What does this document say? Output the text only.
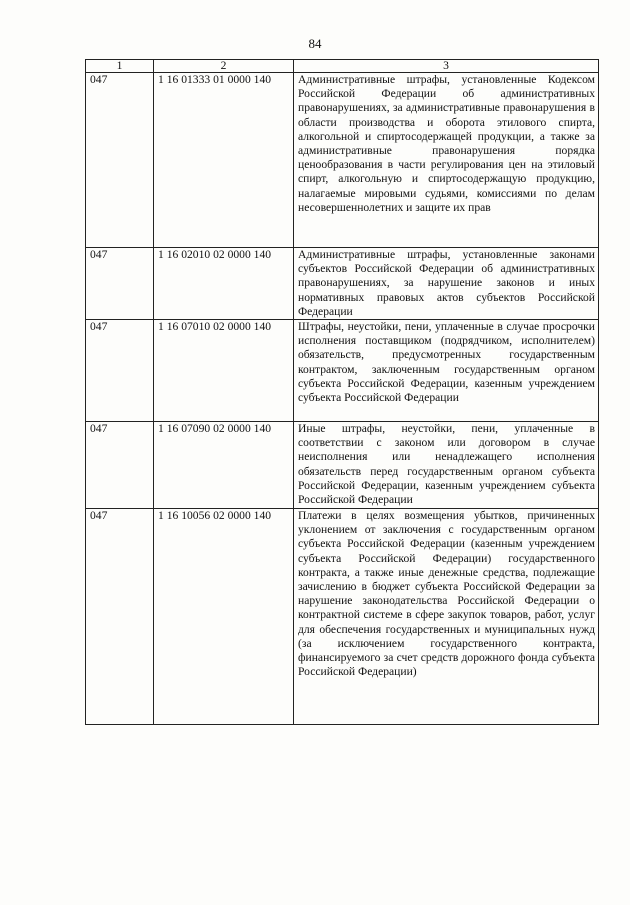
84
1	2	3
047	1 16 01333 01 0000 140	Административные штрафы, установленные Кодексом Российской Федерации об административных правонарушениях, за административные правонарушения в области производства и оборота этилового спирта, алкогольной и спиртосодержащей продукции, а также за административные правонарушения порядка ценообразования в части регулирования цен на этиловый спирт, алкогольную и спиртосодержащую продукцию, налагаемые мировыми судьями, комиссиями по делам несовершеннолетних и защите их прав
047	1 16 02010 02 0000 140	Административные штрафы, установленные законами субъектов Российской Федерации об административных правонарушениях, за нарушение законов и иных нормативных правовых актов субъектов Российской Федерации
047	1 16 07010 02 0000 140	Штрафы, неустойки, пени, уплаченные в случае просрочки исполнения поставщиком (подрядчиком, исполнителем) обязательств, предусмотренных государственным контрактом, заключенным государственным органом субъекта Российской Федерации, казенным учреждением субъекта Российской Федерации
047	1 16 07090 02 0000 140	Иные штрафы, неустойки, пени, уплаченные в соответствии с законом или договором в случае неисполнения или ненадлежащего исполнения обязательств перед государственным органом субъекта Российской Федерации, казенным учреждением субъекта Российской Федерации
047	1 16 10056 02 0000 140	Платежи в целях возмещения убытков, причиненных уклонением от заключения с государственным органом субъекта Российской Федерации (казенным учреждением субъекта Российской Федерации) государственного контракта, а также иные денежные средства, подлежащие зачислению в бюджет субъекта Российской Федерации за нарушение законодательства Российской Федерации о контрактной системе в сфере закупок товаров, работ, услуг для обеспечения государственных и муниципальных нужд (за исключением государственного контракта, финансируемого за счет средств дорожного фонда субъекта Российской Федерации)
